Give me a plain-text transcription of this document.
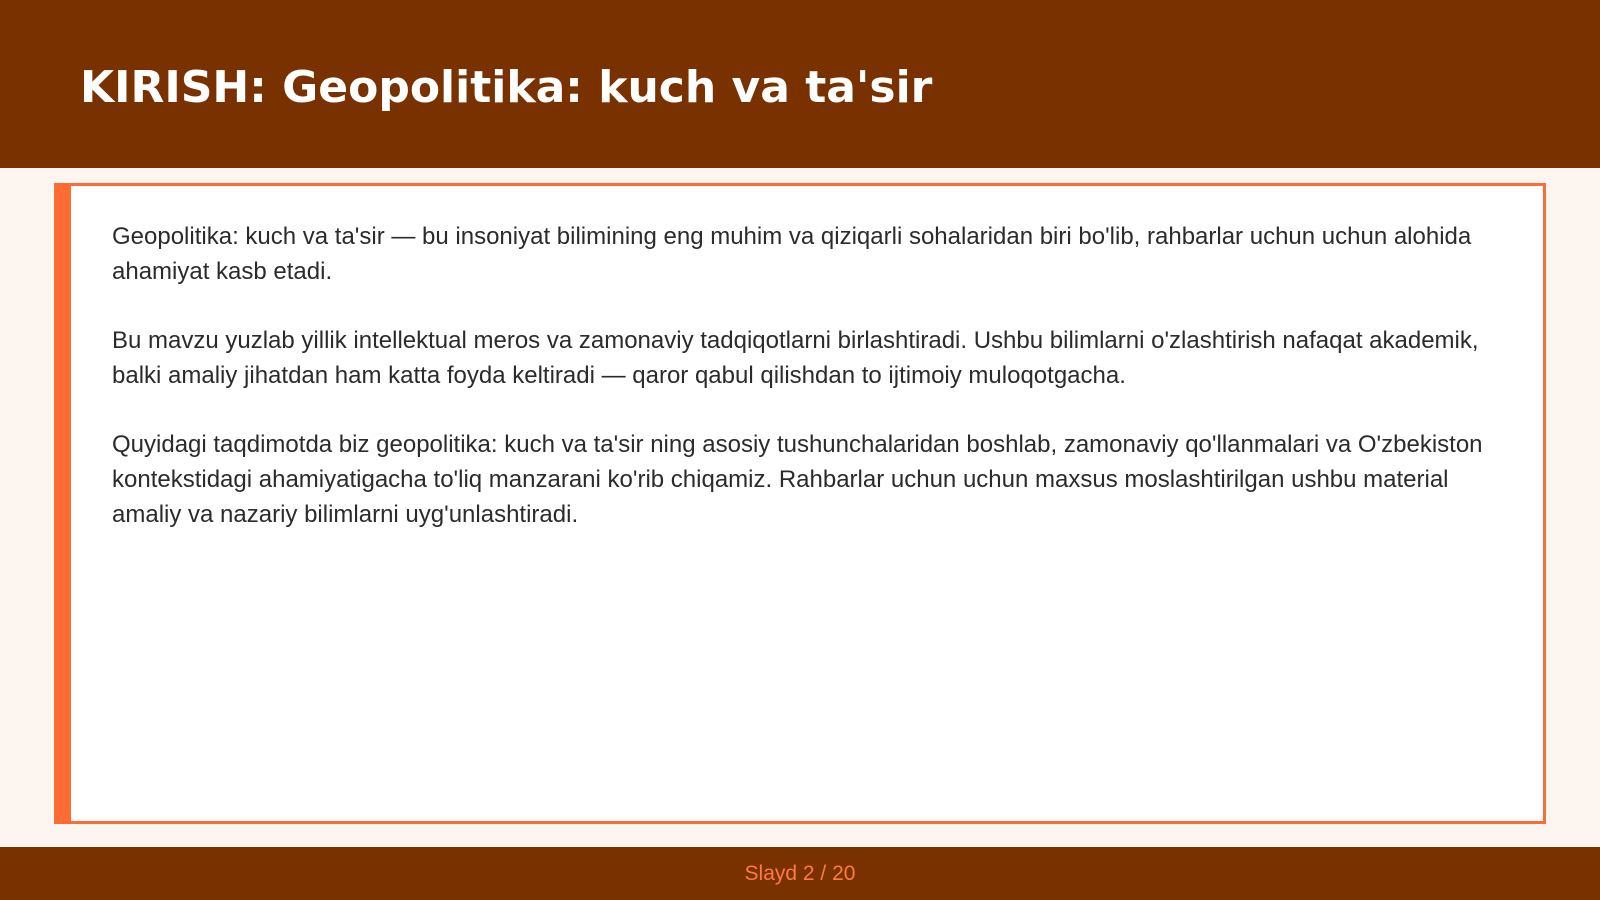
KIRISH: Geopolitika: kuch va ta'sir

Geopolitika: kuch va ta'sir — bu insoniyat bilimining eng muhim va qiziqarli sohalaridan biri bo'lib, rahbarlar uchun uchun alohida ahamiyat kasb etadi.

Bu mavzu yuzlab yillik intellektual meros va zamonaviy tadqiqotlarni birlashtiradi. Ushbu bilimlarni o'zlashtirish nafaqat akademik, balki amaliy jihatdan ham katta foyda keltiradi — qaror qabul qilishdan to ijtimoiy muloqotgacha.

Quyidagi taqdimotda biz geopolitika: kuch va ta'sir ning asosiy tushunchalaridan boshlab, zamonaviy qo'llanmalari va O'zbekiston kontekstidagi ahamiyatigacha to'liq manzarani ko'rib chiqamiz. Rahbarlar uchun uchun maxsus moslashtirilgan ushbu material amaliy va nazariy bilimlarni uyg'unlashtiradi.

Slayd 2 / 20
